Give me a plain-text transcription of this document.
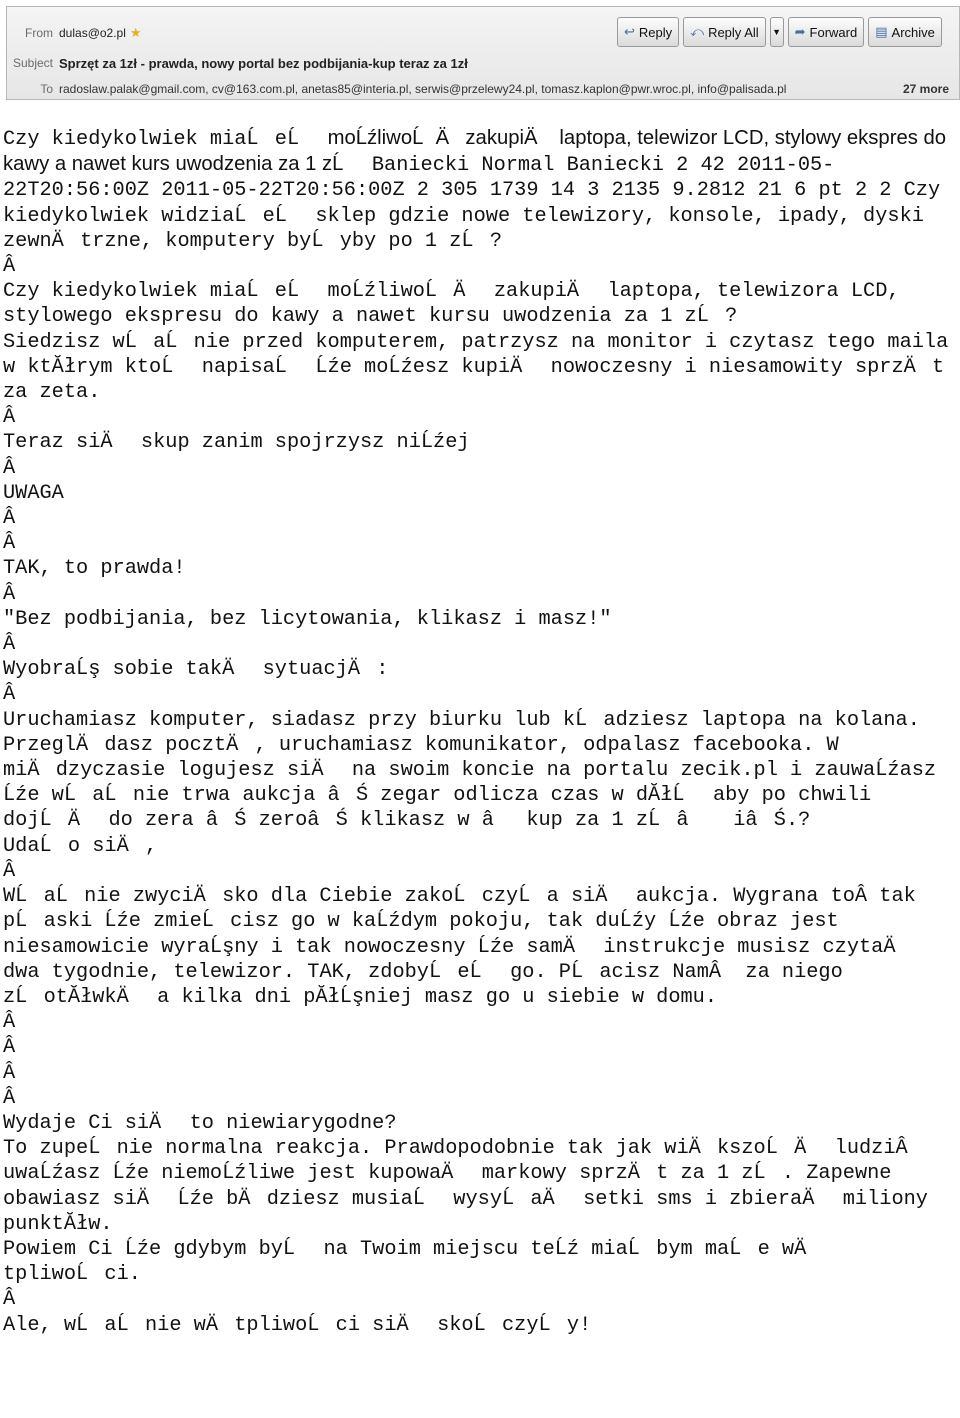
From dulas@o2.pl ★
Subject Sprzęt za 1zł - prawda, nowy portal bez podbijania-kup teraz za 1zł
To radoslaw.palak@gmail.com, cv@163.com.pl, anetas85@interia.pl, serwis@przelewy24.pl, tomasz.kaplon@pwr.wroc.pl, info@palisada.pl	27 more
↩ Reply ⤺ Reply All ▼ ➦ Forward ▤ Archive
Czy kiedykolwiek miaĹeĹ moĹźliwoĹÄzakupiÄ laptopa, telewizor LCD, stylowy ekspres do kawy a nawet kurs uwodzenia za 1 zĹ Baniecki Normal Baniecki 2 42 2011-05-22T20:56:00Z 2011-05-22T20:56:00Z 2 305 1739 14 3 2135 9.2812 21 6 pt 2 2 Czy kiedykolwiek widziaĹeĹ sklep gdzie nowe telewizory, konsole, ipady, dyski zewnÄtrzne, komputery byĹyby po 1 zĹ?
Â
Czy kiedykolwiek miaĹeĹ moĹźliwoĹÄ zakupiÄ laptopa, telewizora LCD, stylowego ekspresu do kawy a nawet kursu uwodzenia za 1 zĹ?
Siedzisz wĹaĹnie przed komputerem, patrzysz na monitor i czytasz tego maila w ktĂłrym ktoĹ napisaĹ Ĺźe moĹźesz kupiÄ nowoczesny i niesamowity sprzÄt za zeta.
Â
Teraz siÄ skup zanim spojrzysz niĹźej
Â
UWAGA
Â
Â
TAK, to prawda!
Â
"Bez podbijania, bez licytowania, klikasz i masz!"
Â
WyobraĹş sobie takÄ sytuacjÄ:
Â
Uruchamiasz komputer, siadasz przy biurku lub kĹadziesz laptopa na kolana. PrzeglÄdasz pocztÄ, uruchamiasz komunikator, odpalasz facebooka. W miÄdzyczasie logujesz siÄ na swoim koncie na portalu zecik.pl i zauwaĹźasz Ĺźe wĹaĹnie trwa aukcja âŚ zegar odlicza czas w dĂłĹ aby po chwili dojĹÄ do zera âŚ zeroâŚ klikasz w âkup za 1 zĹâ iâŚ.?
UdaĹo siÄ,
Â
WĹaĹnie zwyciÄsko dla Ciebie zakoĹczyĹa siÄ aukcja. Wygrana toÂ tak pĹaski Ĺźe zmieĹcisz go w kaĹźdym pokoju, tak duĹźy Ĺźe obraz jest niesamowicie wyraĹşny i tak nowoczesny Ĺźe samÄ instrukcje musisz czytaÄ dwa tygodnie, telewizor. TAK, zdobyĹeĹ go. PĹacisz NamÂ  za niego zĹotĂłwkÄ a kilka dni pĂłĹşniej masz go u siebie w domu.
Â
Â
Â
Â
Wydaje Ci siÄ to niewiarygodne?
To zupeĹnie normalna reakcja. Prawdopodobnie tak jak wiÄkszoĹÄ ludziÂ  uwaĹźasz Ĺźe niemoĹźliwe jest kupowaÄ markowy sprzÄt za 1 zĹ. Zapewne obawiasz siÄ Ĺźe bÄdziesz musiaĹ wysyĹaÄ setki sms i zbieraÄ miliony punktĂłw.
Powiem Ci Ĺźe gdybym byĹ na Twoim miejscu teĹź miaĹbym maĹe wÄtpliwoĹci.
Â
Ale, wĹaĹnie wÄtpliwoĹci siÄ skoĹczyĹy!
